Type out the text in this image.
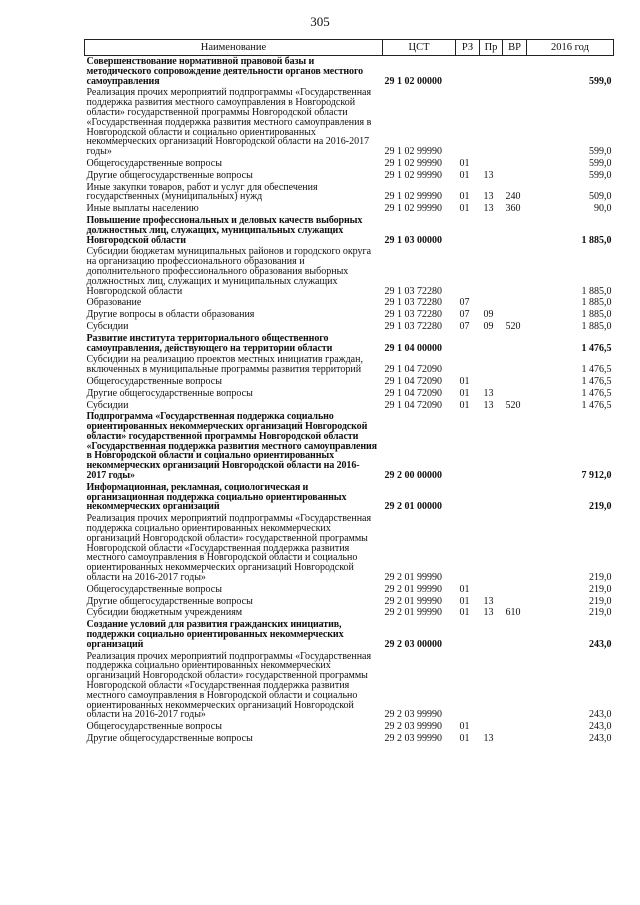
305
Наименование	ЦСТ	РЗ	Пр	ВР	2016 год
Совершенствование нормативной правовой базы и методического сопровождение деятельности органов местного самоуправления	29 1 02 00000				599,0
Реализация прочих мероприятий подпрограммы «Государственная поддержка развития местного самоуправления в Новгородской области» государственной программы Новгородской области «Государственная поддержка развития местного самоуправления в Новгородской области и социально ориентированных некоммерческих организаций Новгородской области на 2016-2017 годы»	29 1 02 99990				599,0
Общегосударственные вопросы	29 1 02 99990	01			599,0
Другие общегосударственные вопросы	29 1 02 99990	01	13		599,0
Иные закупки товаров, работ и услуг для обеспечения государственных (муниципальных) нужд	29 1 02 99990	01	13	240	509,0
Иные выплаты населению	29 1 02 99990	01	13	360	90,0
Повышение профессиональных и деловых качеств выборных должностных лиц, служащих, муниципальных служащих Новгородской области	29 1 03 00000				1 885,0
Субсидии бюджетам муниципальных районов и городского округа на организацию профессионального образования и дополнительного профессионального образования выборных должностных лиц, служащих и муниципальных служащих Новгородской области	29 1 03 72280				1 885,0
Образование	29 1 03 72280	07			1 885,0
Другие вопросы в области образования	29 1 03 72280	07	09		1 885,0
Субсидии	29 1 03 72280	07	09	520	1 885,0
Развитие института территориального общественного самоуправления, действующего на территории области	29 1 04 00000				1 476,5
Субсидии на реализацию проектов местных инициатив граждан, включенных в муниципальные программы развития территорий	29 1 04 72090				1 476,5
Общегосударственные вопросы	29 1 04 72090	01			1 476,5
Другие общегосударственные вопросы	29 1 04 72090	01	13		1 476,5
Субсидии	29 1 04 72090	01	13	520	1 476,5
Подпрограмма «Государственная поддержка социально ориентированных некоммерческих организаций Новгородской области» государственной программы Новгородской области «Государственная поддержка развития местного самоуправления в Новгородской области и социально ориентированных некоммерческих организаций Новгородской области на 2016-2017 годы»	29 2 00 00000				7 912,0
Информационная, рекламная, социологическая и организационная поддержка социально ориентированных некоммерческих организаций	29 2 01 00000				219,0
Реализация прочих мероприятий подпрограммы «Государственная поддержка социально ориентированных некоммерческих организаций Новгородской области» государственной программы Новгородской области «Государственная поддержка развития местного самоуправления в Новгородской области и социально ориентированных некоммерческих организаций Новгородской области на 2016-2017 годы»	29 2 01 99990				219,0
Общегосударственные вопросы	29 2 01 99990	01			219,0
Другие общегосударственные вопросы	29 2 01 99990	01	13		219,0
Субсидии бюджетным учреждениям	29 2 01 99990	01	13	610	219,0
Создание условий для развития гражданских инициатив, поддержки социально ориентированных некоммерческих организаций	29 2 03 00000				243,0
Реализация прочих мероприятий подпрограммы «Государственная поддержка социально ориентированных некоммерческих организаций Новгородской области» государственной программы Новгородской области «Государственная поддержка развития местного самоуправления в Новгородской области и социально ориентированных некоммерческих организаций Новгородской области на 2016-2017 годы»	29 2 03 99990				243,0
Общегосударственные вопросы	29 2 03 99990	01			243,0
Другие общегосударственные вопросы	29 2 03 99990	01	13		243,0
